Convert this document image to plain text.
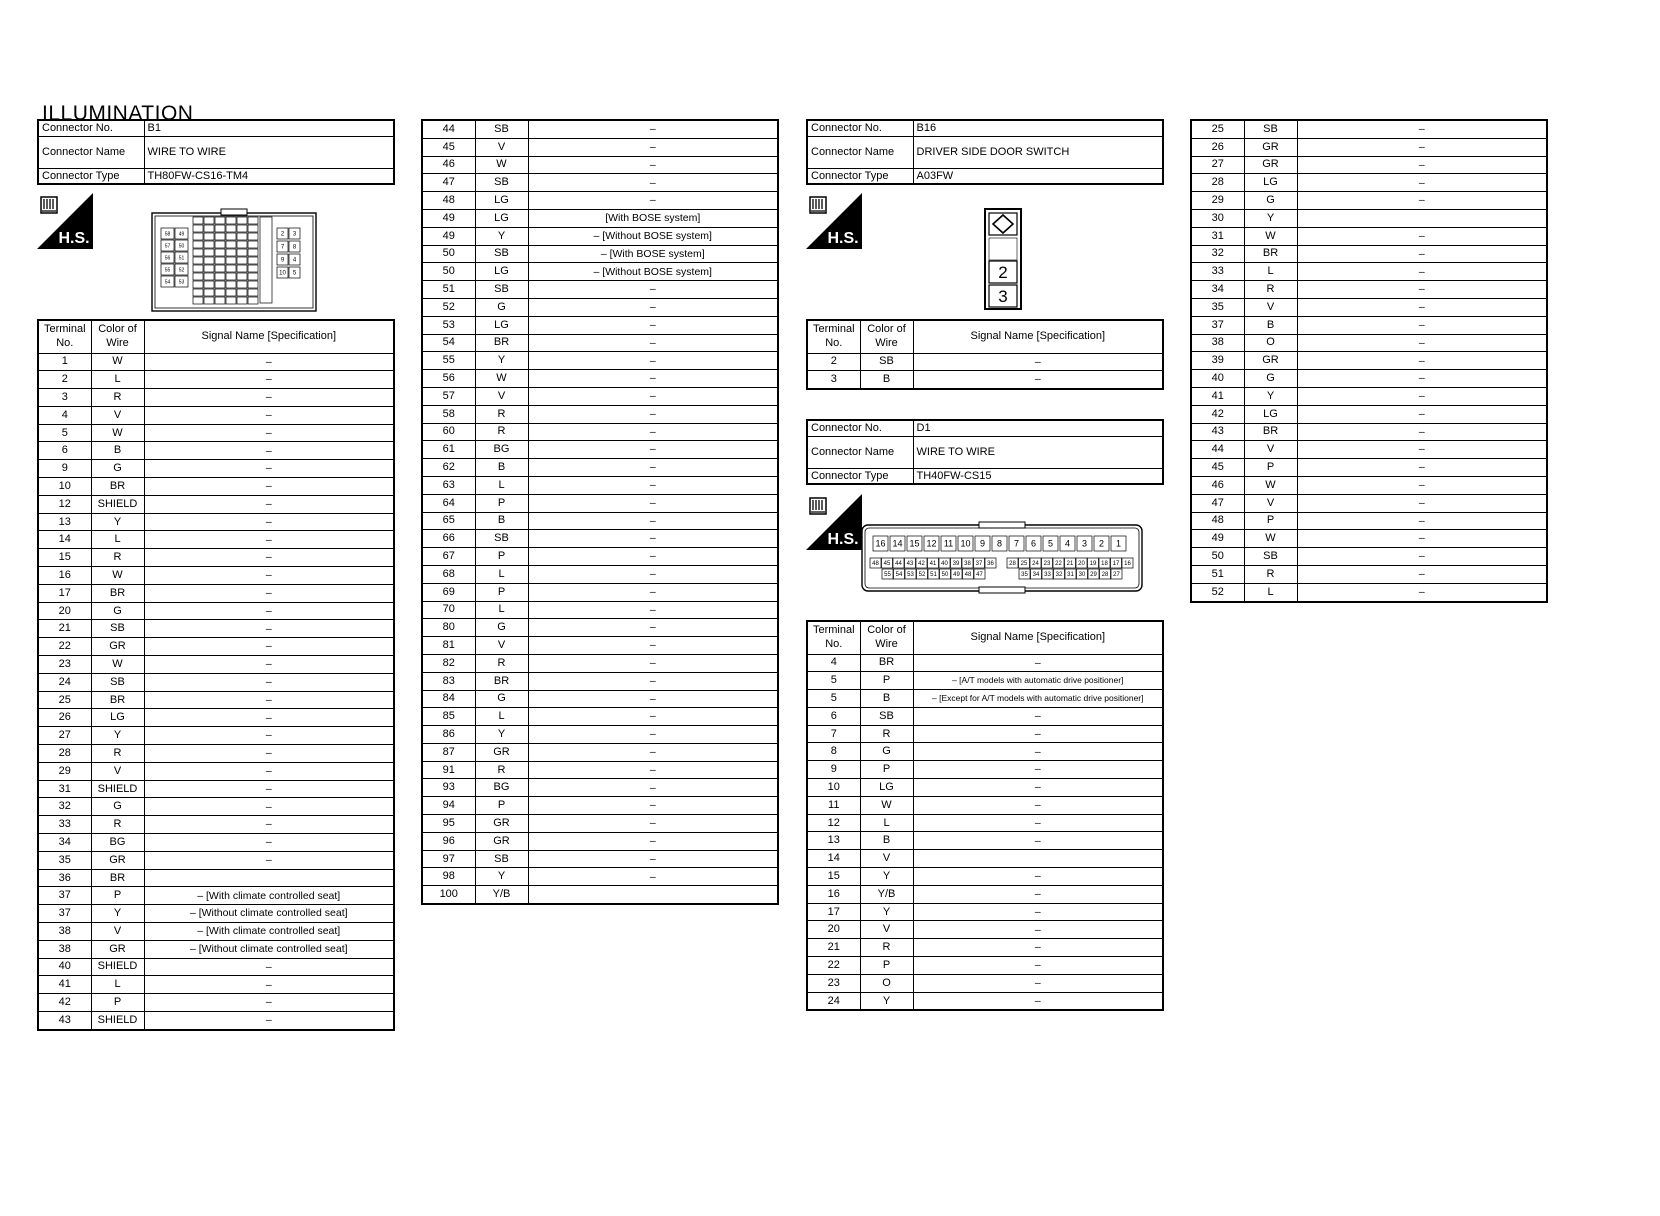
ILLUMINATION
Connector No.	B1
Connector Name	WIRE TO WIRE
Connector Type	TH80FW-CS16-TM4
H.S.	58 49
57 50
56 51
55 52
54 53
2 3
7 8
9 4
10 5
Terminal No.	Color of Wire	Signal Name [Specification]
1	W	–
2	L	–
3	R	–
4	V	–
5	W	–
6	B	–
9	G	–
10	BR	–
12	SHIELD	–
13	Y	–
14	L	–
15	R	–
16	W	–
17	BR	–
20	G	–
21	SB	–
22	GR	–
23	W	–
24	SB	–
25	BR	–
26	LG	–
27	Y	–
28	R	–
29	V	–
31	SHIELD	–
32	G	–
33	R	–
34	BG	–
35	GR	–
36	BR	
37	P	– [With climate controlled seat]
37	Y	– [Without climate controlled seat]
38	V	– [With climate controlled seat]
38	GR	– [Without climate controlled seat]
40	SHIELD	–
41	L	–
42	P	–
43	SHIELD	–
44	SB	–
45	V	–
46	W	–
47	SB	–
48	LG	–
49	LG	[With BOSE system]
49	Y	– [Without BOSE system]
50	SB	– [With BOSE system]
50	LG	– [Without BOSE system]
51	SB	–
52	G	–
53	LG	–
54	BR	–
55	Y	–
56	W	–
57	V	–
58	R	–
60	R	–
61	BG	–
62	B	–
63	L	–
64	P	–
65	B	–
66	SB	–
67	P	–
68	L	–
69	P	–
70	L	–
80	G	–
81	V	–
82	R	–
83	BR	–
84	G	–
85	L	–
86	Y	–
87	GR	–
91	R	–
93	BG	–
94	P	–
95	GR	–
96	GR	–
97	SB	–
98	Y	–
100	Y/B	
Connector No.	B16
Connector Name	DRIVER SIDE DOOR SWITCH
Connector Type	A03FW
H.S.
2
3
Terminal No.	Color of Wire	Signal Name [Specification]
2	SB	–
3	B	–
Connector No.	D1
Connector Name	WIRE TO WIRE
Connector Type	TH40FW-CS15
H.S. 16 14 15 12 11 10 9 8 7 6 5 4 3 2 1
48 45 44 43 42 41 40 39 38 37 36	28 25 24 23 22 21 20 19 18 17 16
55 54 53 52 51 50 49 48 47	35 34 33 32 31 30 29 28 27
Terminal No.	Color of Wire	Signal Name [Specification]
4	BR	–
5	P	– [A/T models with automatic drive positioner]
5	B	– [Except for A/T models with automatic drive positioner]
6	SB	–
7	R	–
8	G	–
9	P	–
10	LG	–
11	W	–
12	L	–
13	B	–
14	V	
15	Y	–
16	Y/B	–
17	Y	–
20	V	–
21	R	–
22	P	–
23	O	–
24	Y	–
25	SB	–
26	GR	–
27	GR	–
28	LG	–
29	G	–
30	Y	
31	W	–
32	BR	–
33	L	–
34	R	–
35	V	–
37	B	–
38	O	–
39	GR	–
40	G	–
41	Y	–
42	LG	–
43	BR	–
44	V	–
45	P	–
46	W	–
47	V	–
48	P	–
49	W	–
50	SB	–
51	R	–
52	L	–
